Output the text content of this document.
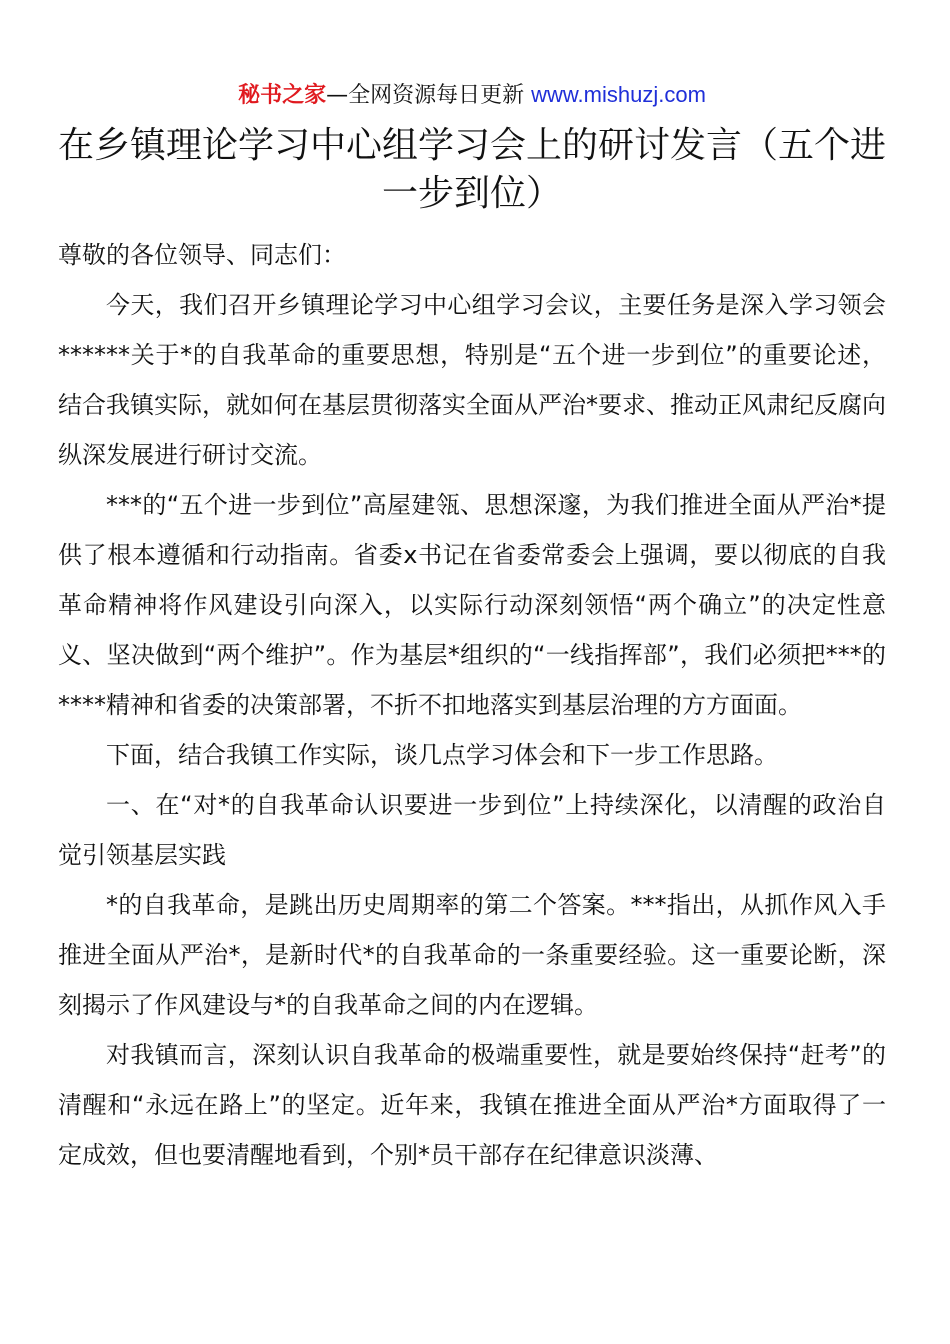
秘书之家—全网资源每日更新 www.mishuzj.com
在乡镇理论学习中心组学习会上的研讨发言（五个进
一步到位）

尊敬的各位领导、同志们：

今天，我们召开乡镇理论学习中心组学习会议，主要任务是深入学习领会******关于*的自我革命的重要思想，特别是“五个进一步到位”的重要论述，结合我镇实际，就如何在基层贯彻落实全面从严治*要求、推动正风肃纪反腐向纵深发展进行研讨交流。

***的“五个进一步到位”高屋建瓴、思想深邃，为我们推进全面从严治*提供了根本遵循和行动指南。省委x书记在省委常委会上强调，要以彻底的自我革命精神将作风建设引向深入，以实际行动深刻领悟“两个确立”的决定性意义、坚决做到“两个维护”。作为基层*组织的“一线指挥部”，我们必须把***的****精神和省委的决策部署，不折不扣地落实到基层治理的方方面面。

下面，结合我镇工作实际，谈几点学习体会和下一步工作思路。

一、在“对*的自我革命认识要进一步到位”上持续深化，以清醒的政治自觉引领基层实践

*的自我革命，是跳出历史周期率的第二个答案。***指出，从抓作风入手推进全面从严治*，是新时代*的自我革命的一条重要经验。这一重要论断，深刻揭示了作风建设与*的自我革命之间的内在逻辑。

对我镇而言，深刻认识自我革命的极端重要性，就是要始终保持“赶考”的清醒和“永远在路上”的坚定。近年来，我镇在推进全面从严治*方面取得了一定成效，但也要清醒地看到，个别*员干部存在纪律意识淡薄、
